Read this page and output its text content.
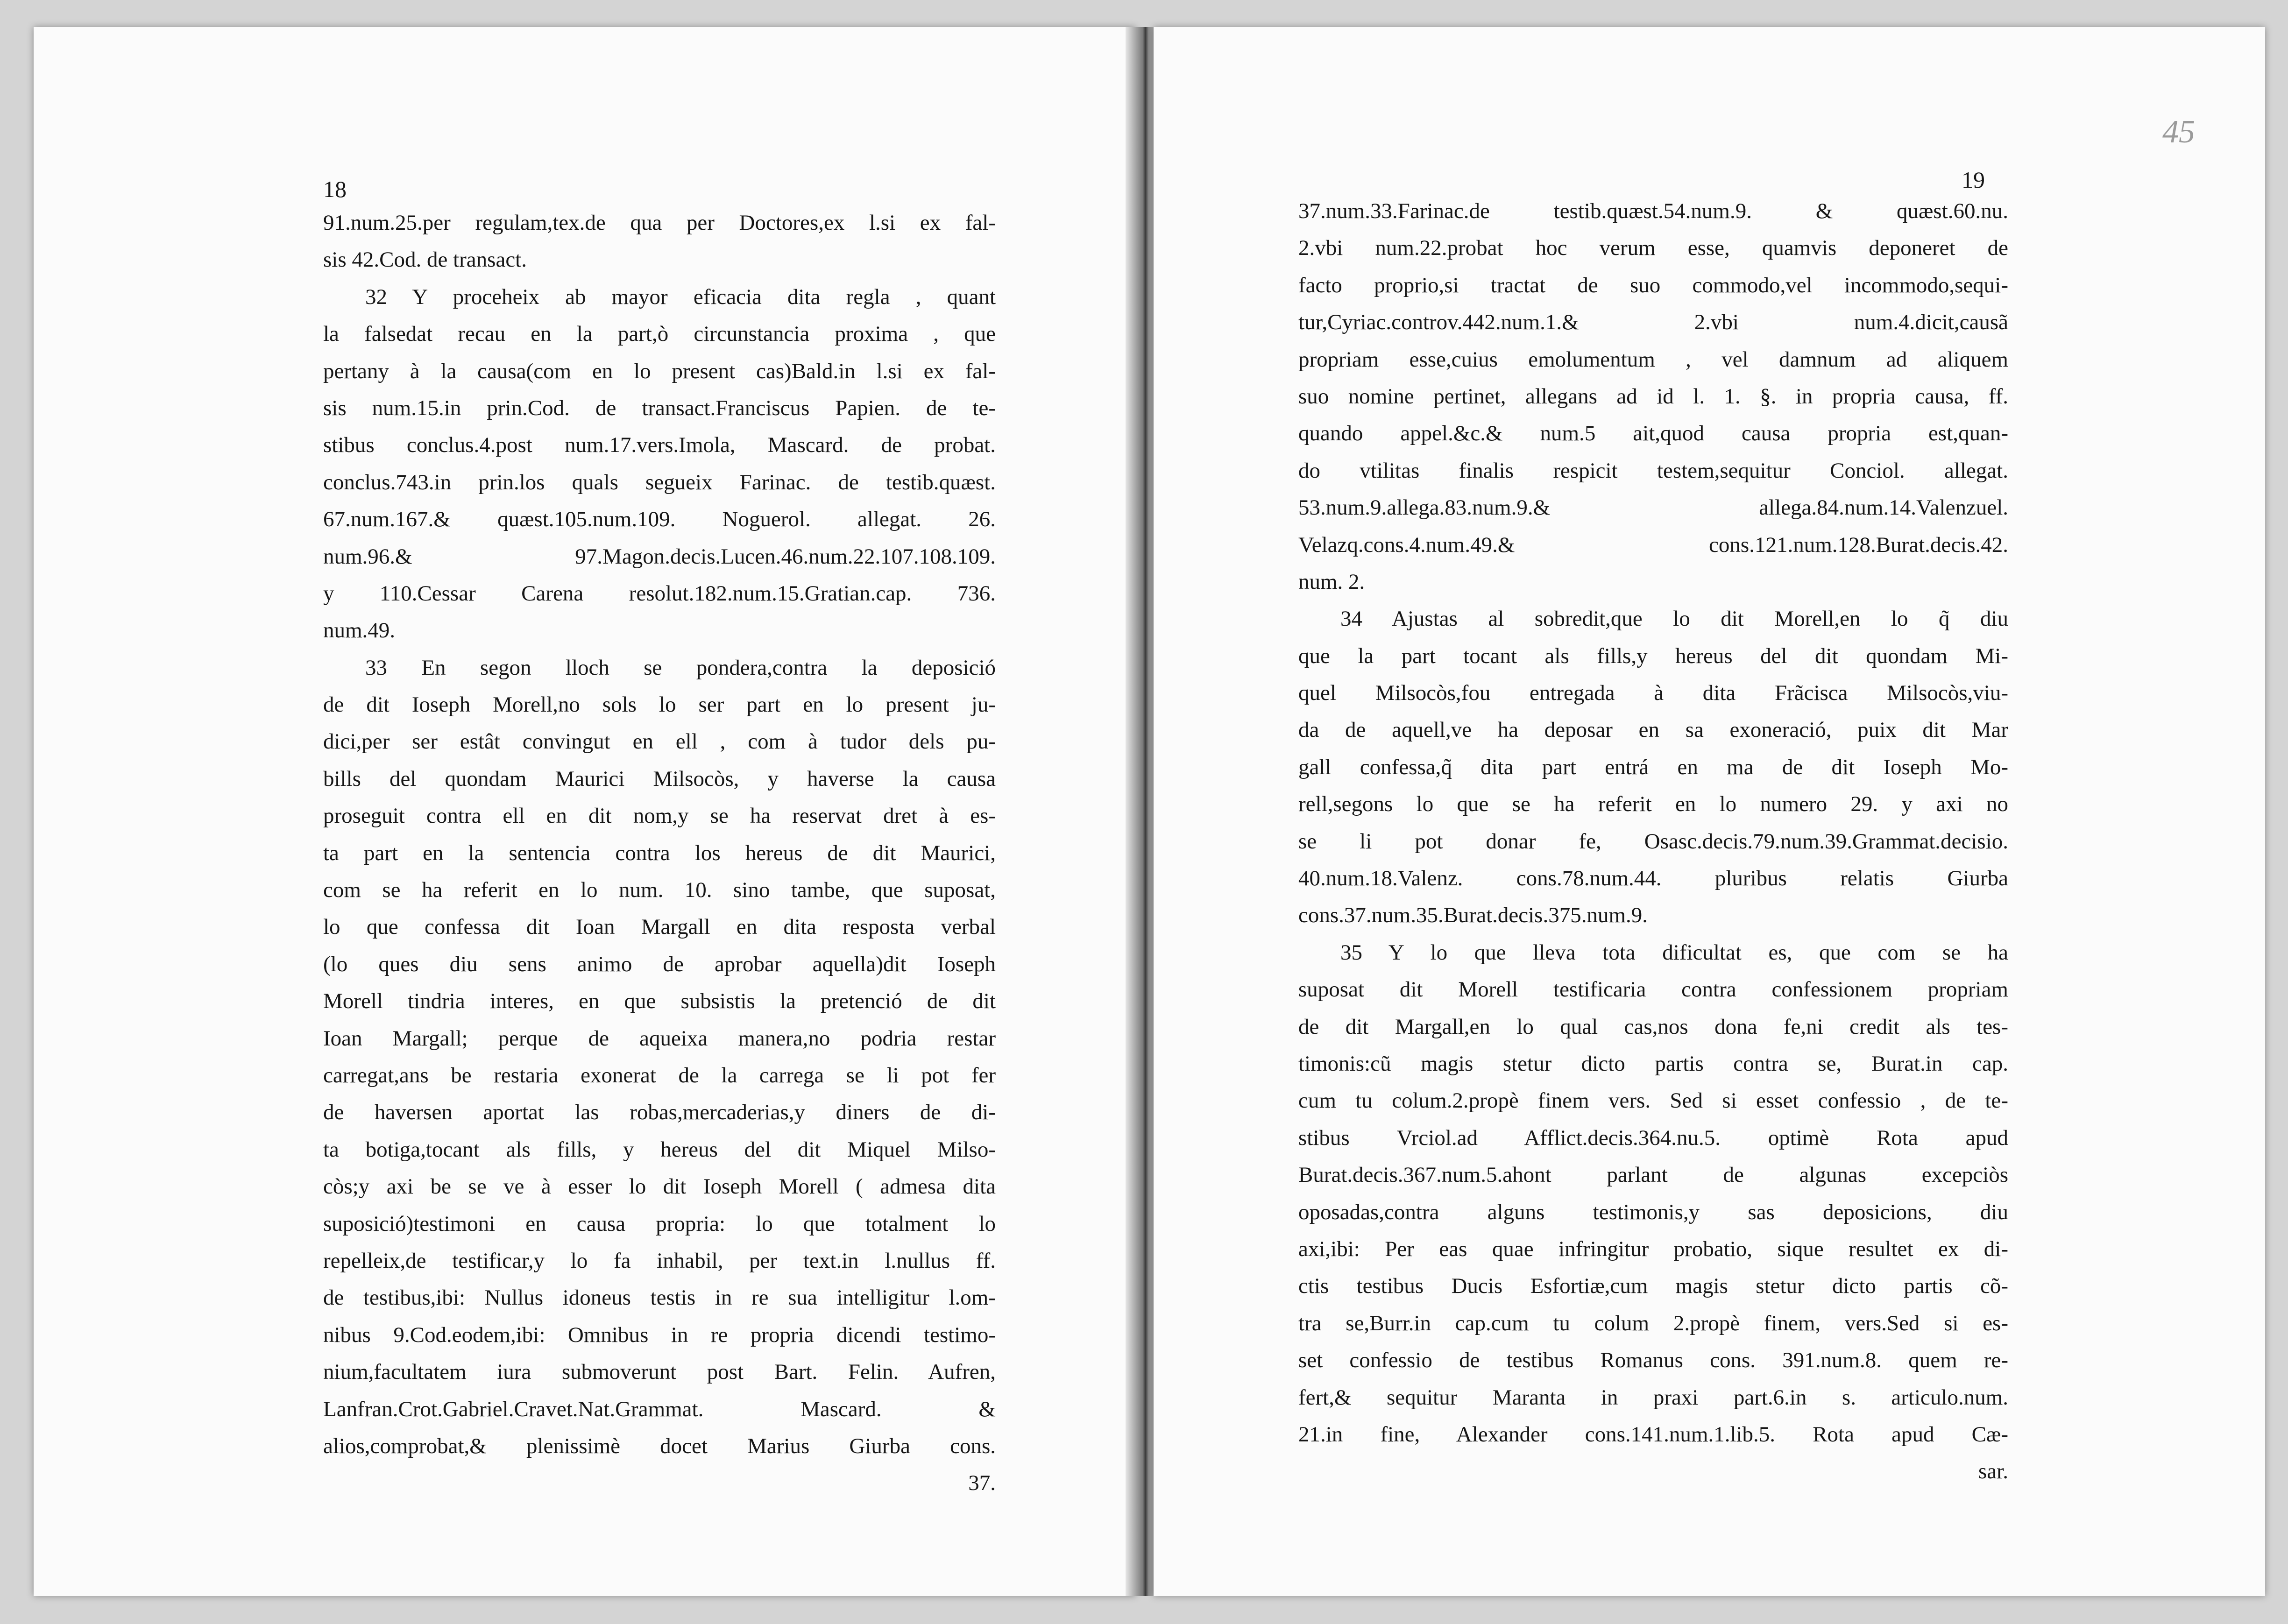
18
91.num.25.per regulam,tex.de qua per Doctores,ex l.si ex fal-
sis 42.Cod. de transact.
32 Y proceheix ab mayor eficacia dita regla , quant
la falsedat recau en la part,ò circunstancia proxima , que
pertany à la causa(com en lo present cas)Bald.in l.si ex fal-
sis num.15.in prin.Cod. de transact.Franciscus Papien. de te-
stibus conclus.4.post num.17.vers.Imola, Mascard. de probat.
conclus.743.in prin.los quals segueix Farinac. de testib.quæst.
67.num.167.& quæst.105.num.109. Noguerol. allegat. 26.
num.96.& 97.Magon.decis.Lucen.46.num.22.107.108.109.
y 110.Cessar Carena resolut.182.num.15.Gratian.cap. 736.
num.49.
33 En segon lloch se pondera,contra la deposició
de dit Ioseph Morell,no sols lo ser part en lo present ju-
dici,per ser estât convingut en ell , com à tudor dels pu-
bills del quondam Maurici Milsocòs, y haverse la causa
proseguit contra ell en dit nom,y se ha reservat dret à es-
ta part en la sentencia contra los hereus de dit Maurici,
com se ha referit en lo num. 10. sino tambe, que suposat,
lo que confessa dit Ioan Margall en dita resposta verbal
(lo ques diu sens animo de aprobar aquella)dit Ioseph
Morell tindria interes, en que subsistis la pretenció de dit
Ioan Margall; perque de aqueixa manera,no podria restar
carregat,ans be restaria exonerat de la carrega se li pot fer
de haversen aportat las robas,mercaderias,y diners de di-
ta botiga,tocant als fills, y hereus del dit Miquel Milso-
còs;y axi be se ve à esser lo dit Ioseph Morell ( admesa dita
suposició)testimoni en causa propria: lo que totalment lo
repelleix,de testificar,y lo fa inhabil, per text.in l.nullus ff.
de testibus,ibi: Nullus idoneus testis in re sua intelligitur l.om-
nibus 9.Cod.eodem,ibi: Omnibus in re propria dicendi testimo-
nium,facultatem iura submoverunt post Bart. Felin. Aufren,
Lanfran.Crot.Gabriel.Cravet.Nat.Grammat. Mascard. &
alios,comprobat,& plenissimè docet Marius Giurba cons.
37.
45
19
37.num.33.Farinac.de testib.quæst.54.num.9. & quæst.60.nu.
2.vbi num.22.probat hoc verum esse, quamvis deponeret de
facto proprio,si tractat de suo commodo,vel incommodo,sequi-
tur,Cyriac.controv.442.num.1.& 2.vbi num.4.dicit,causã
propriam esse,cuius emolumentum , vel damnum ad aliquem
suo nomine pertinet, allegans ad id l. 1. §. in propria causa, ff.
quando appel.&c.& num.5 ait,quod causa propria est,quan-
do vtilitas finalis respicit testem,sequitur Conciol. allegat.
53.num.9.allega.83.num.9.& allega.84.num.14.Valenzuel.
Velazq.cons.4.num.49.& cons.121.num.128.Burat.decis.42.
num. 2.
34 Ajustas al sobredit,que lo dit Morell,en lo q̃ diu
que la part tocant als fills,y hereus del dit quondam Mi-
quel Milsocòs,fou entregada à dita Frãcisca Milsocòs,viu-
da de aquell,ve ha deposar en sa exoneració, puix dit Mar
gall confessa,q̃ dita part entrá en ma de dit Ioseph Mo-
rell,segons lo que se ha referit en lo numero 29. y axi no
se li pot donar fe, Osasc.decis.79.num.39.Grammat.decisio.
40.num.18.Valenz. cons.78.num.44. pluribus relatis Giurba
cons.37.num.35.Burat.decis.375.num.9.
35 Y lo que lleva tota dificultat es, que com se ha
suposat dit Morell testificaria contra confessionem propriam
de dit Margall,en lo qual cas,nos dona fe,ni credit als tes-
timonis:cũ magis stetur dicto partis contra se, Burat.in cap.
cum tu colum.2.propè finem vers. Sed si esset confessio , de te-
stibus Vrciol.ad Afflict.decis.364.nu.5. optimè Rota apud
Burat.decis.367.num.5.ahont parlant de algunas excepciòs
oposadas,contra alguns testimonis,y sas deposicions, diu
axi,ibi: Per eas quae infringitur probatio, sique resultet ex di-
ctis testibus Ducis Esfortiæ,cum magis stetur dicto partis cõ-
tra se,Burr.in cap.cum tu colum 2.propè finem, vers.Sed si es-
set confessio de testibus Romanus cons. 391.num.8. quem re-
fert,& sequitur Maranta in praxi part.6.in s. articulo.num.
21.in fine, Alexander cons.141.num.1.lib.5. Rota apud Cæ-
sar.
